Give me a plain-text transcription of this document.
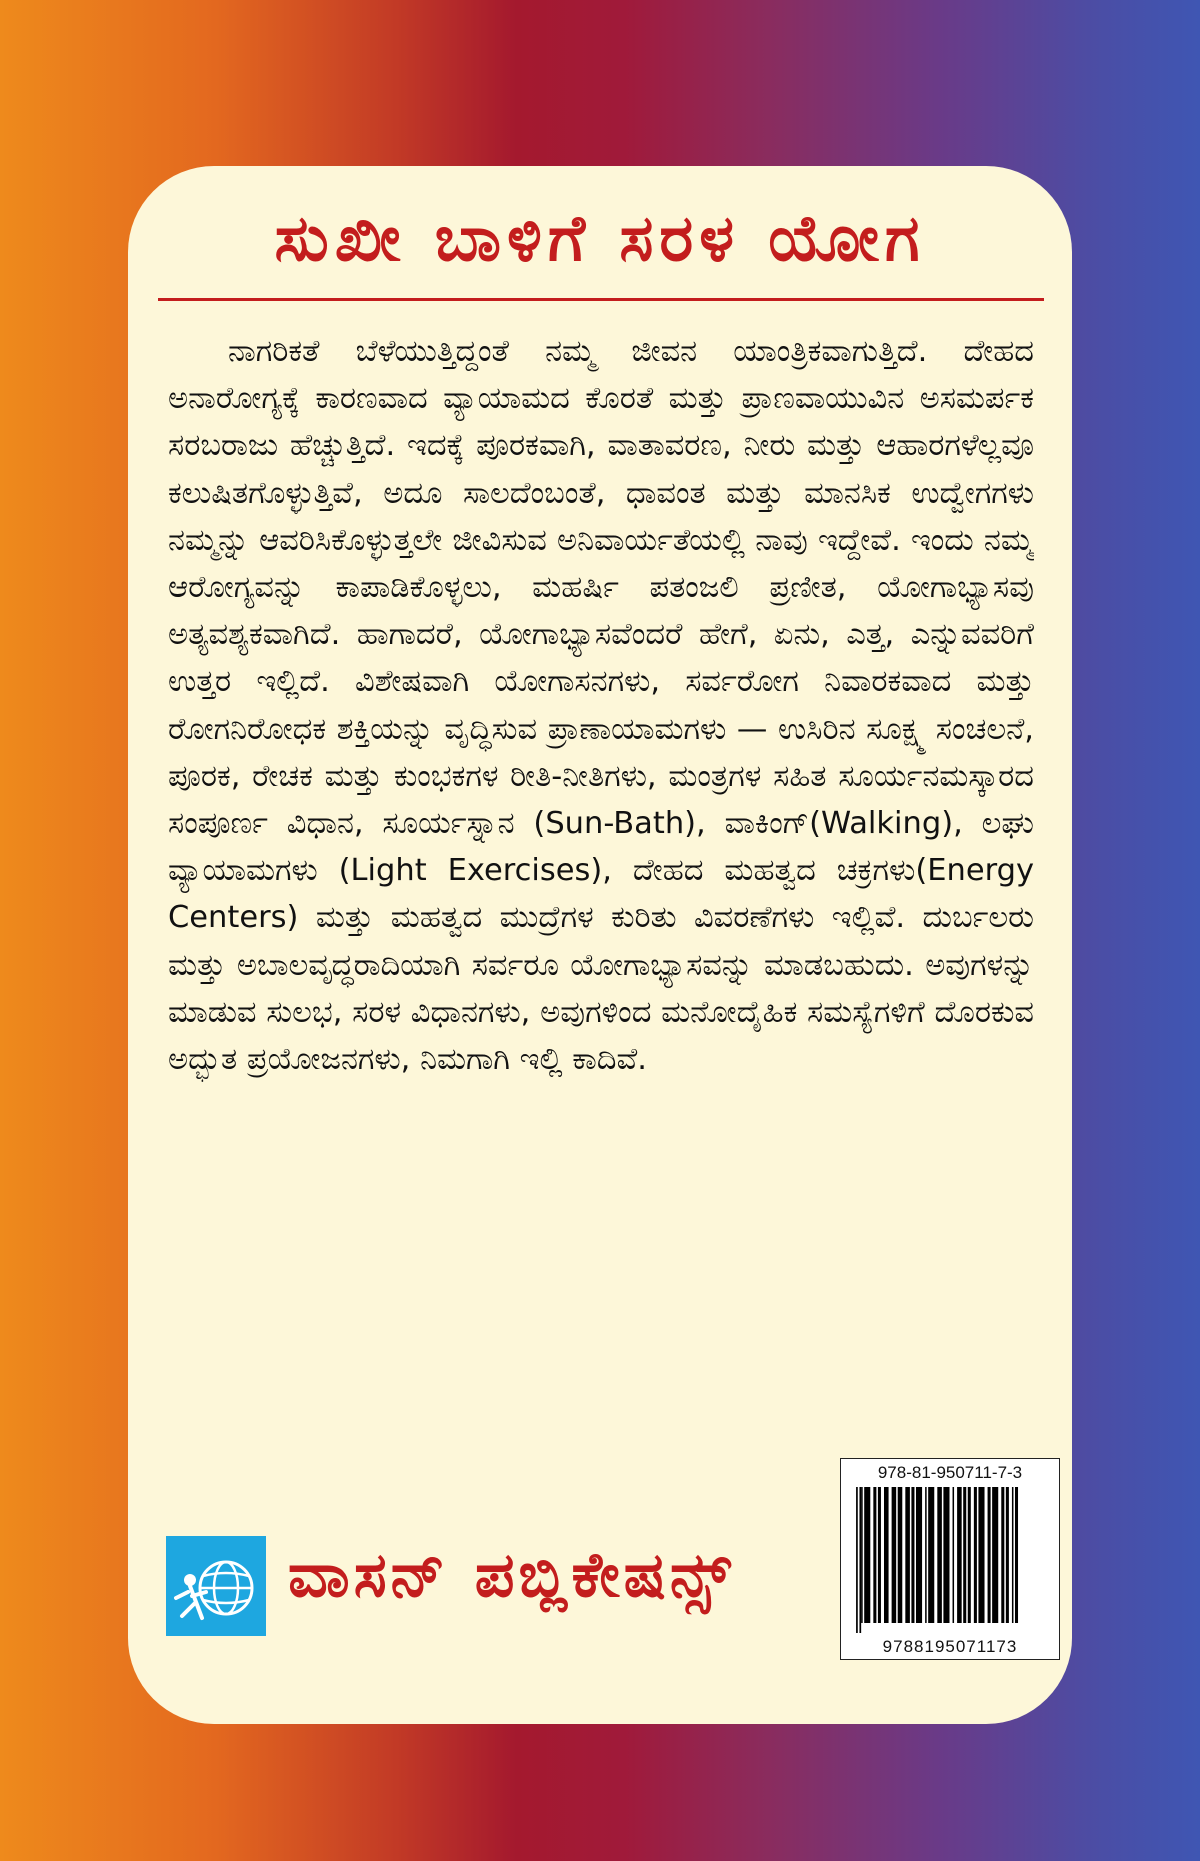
ಸುಖೀ ಬಾಳಿಗೆ ಸರಳ ಯೋಗ

ನಾಗರಿಕತೆ ಬೆಳೆಯುತ್ತಿದ್ದಂತೆ ನಮ್ಮ ಜೀವನ ಯಾಂತ್ರಿಕವಾಗುತ್ತಿದೆ. ದೇಹದ ಅನಾರೋಗ್ಯಕ್ಕೆ ಕಾರಣವಾದ ವ್ಯಾಯಾಮದ ಕೊರತೆ ಮತ್ತು ಪ್ರಾಣವಾಯುವಿನ ಅಸಮರ್ಪಕ ಸರಬರಾಜು ಹೆಚ್ಚುತ್ತಿದೆ. ಇದಕ್ಕೆ ಪೂರಕವಾಗಿ, ವಾತಾವರಣ, ನೀರು ಮತ್ತು ಆಹಾರಗಳೆಲ್ಲವೂ ಕಲುಷಿತಗೊಳ್ಳುತ್ತಿವೆ, ಅದೂ ಸಾಲದೆಂಬಂತೆ, ಧಾವಂತ ಮತ್ತು ಮಾನಸಿಕ ಉದ್ವೇಗಗಳು ನಮ್ಮನ್ನು ಆವರಿಸಿಕೊಳ್ಳುತ್ತಲೇ ಜೀವಿಸುವ ಅನಿವಾರ್ಯತೆಯಲ್ಲಿ ನಾವು ಇದ್ದೇವೆ. ಇಂದು ನಮ್ಮ ಆರೋಗ್ಯವನ್ನು ಕಾಪಾಡಿಕೊಳ್ಳಲು, ಮಹರ್ಷಿ ಪತಂಜಲಿ ಪ್ರಣೀತ, ಯೋಗಾಭ್ಯಾಸವು ಅತ್ಯವಶ್ಯಕವಾಗಿದೆ. ಹಾಗಾದರೆ, ಯೋಗಾಭ್ಯಾಸವೆಂದರೆ ಹೇಗೆ, ಏನು, ಎತ್ತ, ಎನ್ನುವವರಿಗೆ ಉತ್ತರ ಇಲ್ಲಿದೆ. ವಿಶೇಷವಾಗಿ ಯೋಗಾಸನಗಳು, ಸರ್ವರೋಗ ನಿವಾರಕವಾದ ಮತ್ತು ರೋಗನಿರೋಧಕ ಶಕ್ತಿಯನ್ನು ವೃದ್ಧಿಸುವ ಪ್ರಾಣಾಯಾಮಗಳು — ಉಸಿರಿನ ಸೂಕ್ಷ್ಮ ಸಂಚಲನೆ, ಪೂರಕ, ರೇಚಕ ಮತ್ತು ಕುಂಭಕಗಳ ರೀತಿ-ನೀತಿಗಳು, ಮಂತ್ರಗಳ ಸಹಿತ ಸೂರ್ಯನಮಸ್ಕಾರದ ಸಂಪೂರ್ಣ ವಿಧಾನ, ಸೂರ್ಯಸ್ನಾನ (Sun-Bath), ವಾಕಿಂಗ್(Walking), ಲಘು ವ್ಯಾಯಾಮಗಳು (Light Exercises), ದೇಹದ ಮಹತ್ವದ ಚಕ್ರಗಳು(Energy Centers) ಮತ್ತು ಮಹತ್ವದ ಮುದ್ರೆಗಳ ಕುರಿತು ವಿವರಣೆಗಳು ಇಲ್ಲಿವೆ. ದುರ್ಬಲರು ಮತ್ತು ಅಬಾಲವೃದ್ಧರಾದಿಯಾಗಿ ಸರ್ವರೂ ಯೋಗಾಭ್ಯಾಸವನ್ನು ಮಾಡಬಹುದು. ಅವುಗಳನ್ನು ಮಾಡುವ ಸುಲಭ, ಸರಳ ವಿಧಾನಗಳು, ಅವುಗಳಿಂದ ಮನೋದೈಹಿಕ ಸಮಸ್ಯೆಗಳಿಗೆ ದೊರಕುವ ಅದ್ಭುತ ಪ್ರಯೋಜನಗಳು, ನಿಮಗಾಗಿ ಇಲ್ಲಿ ಕಾದಿವೆ.

ವಾಸನ್ ಪಬ್ಲಿಕೇಷನ್ಸ್
978-81-950711-7-3
9788195071173
